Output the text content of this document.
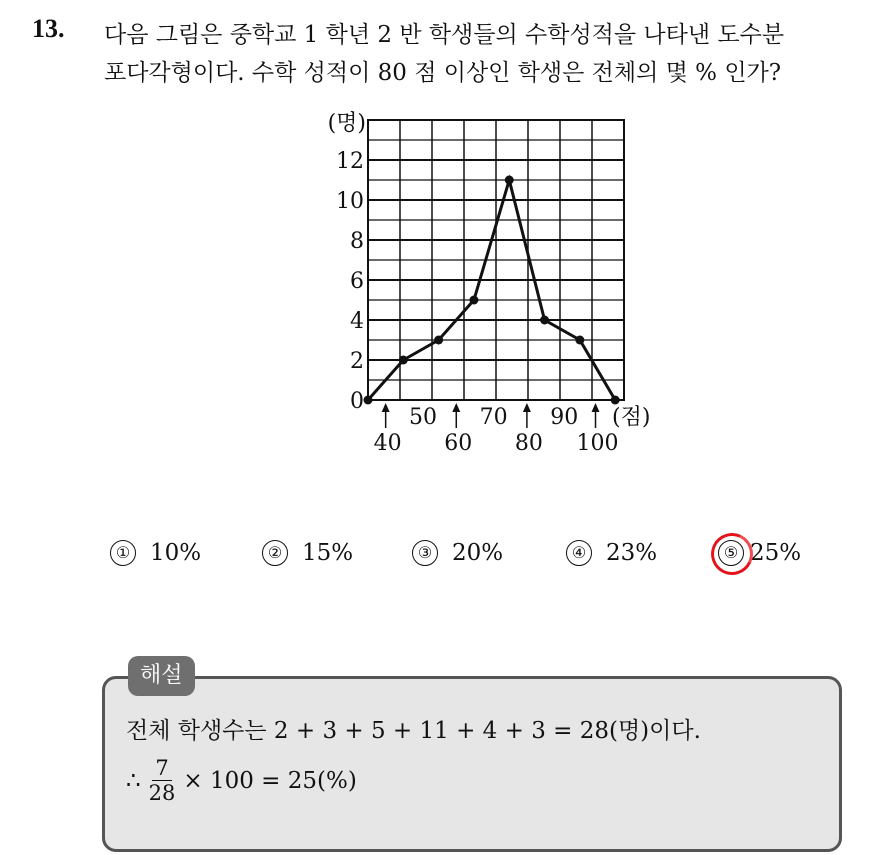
13. 다음 그림은 중학교 1 학년 2 반 학생들의 수학성적을 나타낸 도수분
포다각형이다. 수학 성적이 80 점 이상인 학생은 전체의 몇 % 인가?
0
2
4
6
8
10
12
(명)
40 60 80 100
50 70 90 (점)
① 10%	② 15%	③ 20%	④ 23%	⑤ 25%
해설
전체 학생수는 2 + 3 + 5 + 11 + 4 + 3 = 28(명)이다.
∴ $\frac{7}{28} \times 100 = 25(\%)$
